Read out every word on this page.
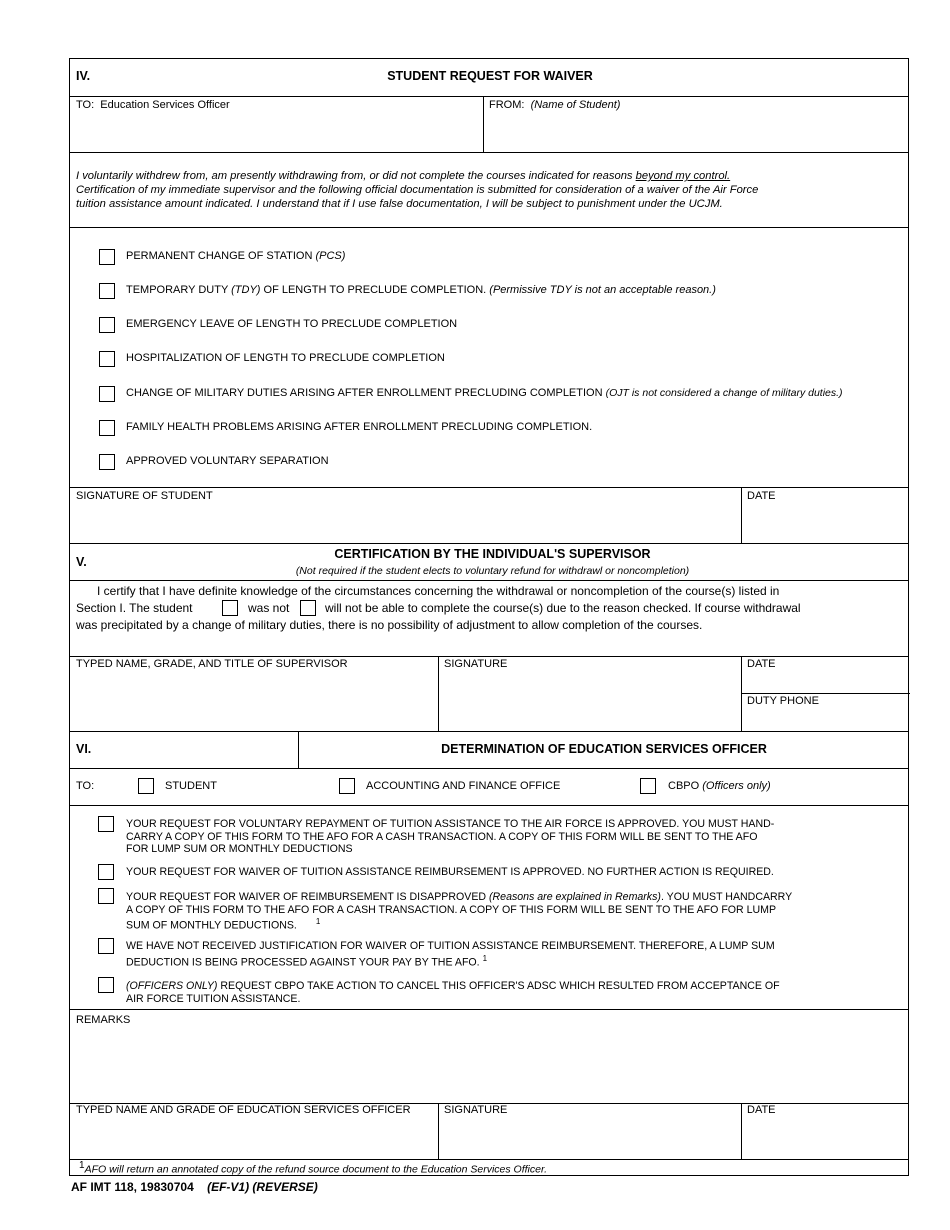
IV.	STUDENT REQUEST FOR WAIVER
TO: Education Services Officer	FROM: (Name of Student)
I voluntarily withdrew from, am presently withdrawing from, or did not complete the courses indicated for reasons beyond my control.
Certification of my immediate supervisor and the following official documentation is submitted for consideration of a waiver of the Air Force
tuition assistance amount indicated. I understand that if I use false documentation, I will be subject to punishment under the UCJM.
PERMANENT CHANGE OF STATION (PCS)
TEMPORARY DUTY (TDY) OF LENGTH TO PRECLUDE COMPLETION. (Permissive TDY is not an acceptable reason.)
EMERGENCY LEAVE OF LENGTH TO PRECLUDE COMPLETION
HOSPITALIZATION OF LENGTH TO PRECLUDE COMPLETION
CHANGE OF MILITARY DUTIES ARISING AFTER ENROLLMENT PRECLUDING COMPLETION (OJT is not considered a change of military duties.)
FAMILY HEALTH PROBLEMS ARISING AFTER ENROLLMENT PRECLUDING COMPLETION.
APPROVED VOLUNTARY SEPARATION
SIGNATURE OF STUDENT	DATE
V.
CERTIFICATION BY THE INDIVIDUAL'S SUPERVISOR
(Not required if the student elects to voluntary refund for withdrawl or noncompletion)
I certify that I have definite knowledge of the circumstances concerning the withdrawal or noncompletion of the course(s) listed in
Section I. The student	was not	will not be able to complete the course(s) due to the reason checked. If course withdrawal
was precipitated by a change of military duties, there is no possibility of adjustment to allow completion of the courses.
TYPED NAME, GRADE, AND TITLE OF SUPERVISOR	SIGNATURE	DATE
DUTY PHONE
VI.	DETERMINATION OF EDUCATION SERVICES OFFICER
TO:	STUDENT	ACCOUNTING AND FINANCE OFFICE	CBPO (Officers only)
YOUR REQUEST FOR VOLUNTARY REPAYMENT OF TUITION ASSISTANCE TO THE AIR FORCE IS APPROVED. YOU MUST HAND-
CARRY A COPY OF THIS FORM TO THE AFO FOR A CASH TRANSACTION. A COPY OF THIS FORM WILL BE SENT TO THE AFO
FOR LUMP SUM OR MONTHLY DEDUCTIONS
YOUR REQUEST FOR WAIVER OF TUITION ASSISTANCE REIMBURSEMENT IS APPROVED. NO FURTHER ACTION IS REQUIRED.
YOUR REQUEST FOR WAIVER OF REIMBURSEMENT IS DISAPPROVED (Reasons are explained in Remarks). YOU MUST HANDCARRY
A COPY OF THIS FORM TO THE AFO FOR A CASH TRANSACTION. A COPY OF THIS FORM WILL BE SENT TO THE AFO FOR LUMP
SUM OF MONTHLY DEDUCTIONS. $^1$
WE HAVE NOT RECEIVED JUSTIFICATION FOR WAIVER OF TUITION ASSISTANCE REIMBURSEMENT. THEREFORE, A LUMP SUM
DEDUCTION IS BEING PROCESSED AGAINST YOUR PAY BY THE AFO. $^1$
(OFFICERS ONLY) REQUEST CBPO TAKE ACTION TO CANCEL THIS OFFICER'S ADSC WHICH RESULTED FROM ACCEPTANCE OF
AIR FORCE TUITION ASSISTANCE.
REMARKS
TYPED NAME AND GRADE OF EDUCATION SERVICES OFFICER	SIGNATURE	DATE
$^1$AFO will return an annotated copy of the refund source document to the Education Services Officer.
AF IMT 118, 19830704 (EF-V1) (REVERSE)
